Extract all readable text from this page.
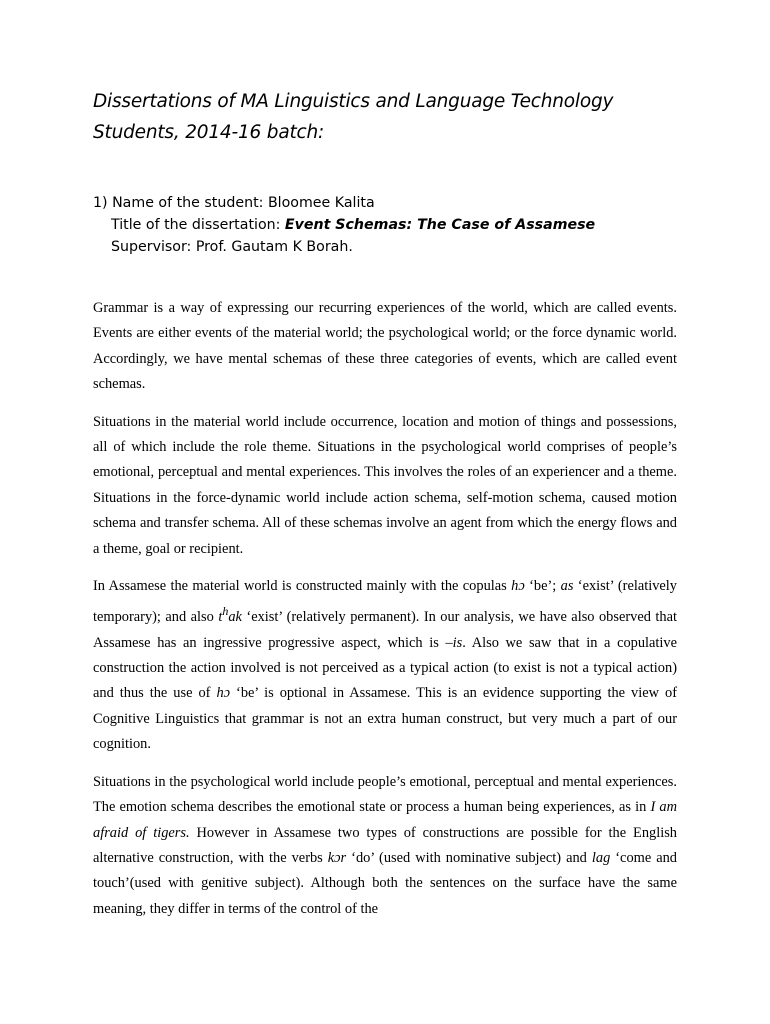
Dissertations of MA Linguistics and Language Technology Students, 2014-16 batch:
1) Name of the student: Bloomee Kalita
Title of the dissertation: Event Schemas: The Case of Assamese
Supervisor: Prof. Gautam K Borah.

Grammar is a way of expressing our recurring experiences of the world, which are called events. Events are either events of the material world; the psychological world; or the force dynamic world. Accordingly, we have mental schemas of these three categories of events, which are called event schemas.

Situations in the material world include occurrence, location and motion of things and possessions, all of which include the role theme. Situations in the psychological world comprises of people’s emotional, perceptual and mental experiences. This involves the roles of an experiencer and a theme. Situations in the force-dynamic world include action schema, self-motion schema, caused motion schema and transfer schema. All of these schemas involve an agent from which the energy flows and a theme, goal or recipient.

In Assamese the material world is constructed mainly with the copulas hɔ ‘be’; as ‘exist’ (relatively temporary); and also $t^hak$ ‘exist’ (relatively permanent). In our analysis, we have also observed that Assamese has an ingressive progressive aspect, which is –is. Also we saw that in a copulative construction the action involved is not perceived as a typical action (to exist is not a typical action) and thus the use of hɔ ‘be’ is optional in Assamese. This is an evidence supporting the view of Cognitive Linguistics that grammar is not an extra human construct, but very much a part of our cognition.

Situations in the psychological world include people’s emotional, perceptual and mental experiences. The emotion schema describes the emotional state or process a human being experiences, as in I am afraid of tigers. However in Assamese two types of constructions are possible for the English alternative construction, with the verbs kɔr ‘do’ (used with nominative subject) and lag ‘come and touch’(used with genitive subject). Although both the sentences on the surface have the same meaning, they differ in terms of the control of the
